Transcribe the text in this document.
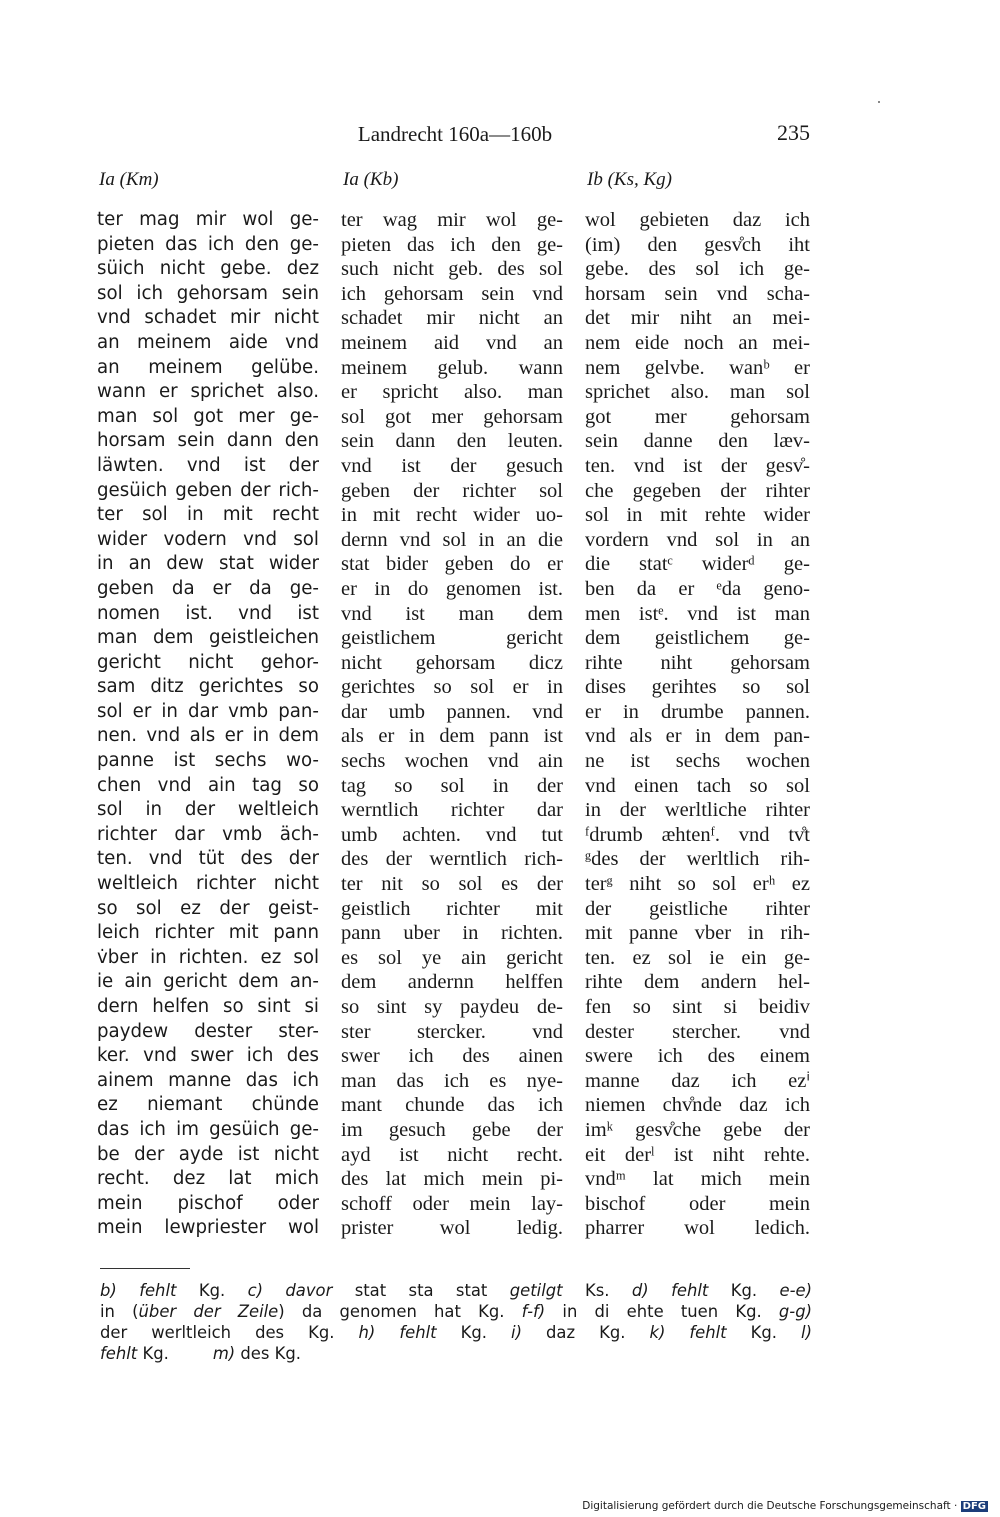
Landrecht 160a—160b	235
Ia (Km)
ter mag mir wol ge-
pieten das ich den ge-
süich nicht gebe. dez
sol ich gehorsam sein
vnd schadet mir nicht
an meinem aide vnd
an meinem gelübe.
wann er sprichet also.
man sol got mer ge-
horsam sein dann den
läwten. vnd ist der
gesüich geben der rich-
ter sol in mit recht
wider vodern vnd sol
in an dew stat wider
geben da er da ge-
nomen ist. vnd ist
man dem geistleichen
gericht nicht gehor-
sam ditz gerichtes so
sol er in dar vmb pan-
nen. vnd als er in dem
panne ist sechs wo-
chen vnd ain tag so
sol in der weltleich
richter dar vmb äch-
ten. vnd tüt des der
weltleich richter nicht
so sol ez der geist-
leich richter mit pann
v̇ber in richten. ez sol
ie ain gericht dem an-
dern helfen so sint si
paydew dester ster-
ker. vnd swer ich des
ainem manne das ich
ez niemant chünde
das ich im gesüich ge-
be der ayde ist nicht
recht. dez lat mich
mein pischof oder
mein lewpriester wol
Ia (Kb)
ter wag mir wol ge-
pieten das ich den ge-
such nicht geb. des sol
ich gehorsam sein vnd
schadet mir nicht an
meinem aid vnd an
meinem gelub. wann
er spricht also. man
sol got mer gehorsam
sein dann den leuten.
vnd ist der gesuch
geben der richter sol
in mit recht wider uo-
dernn vnd sol in an die
stat bider geben do er
er in do genomen ist.
vnd ist man dem
geistlichem gericht
nicht gehorsam dicz
gerichtes so sol er in
dar umb pannen. vnd
als er in dem pann ist
sechs wochen vnd ain
tag so sol in der
werntlich richter dar
umb achten. vnd tut
des der werntlich rich-
ter nit so sol es der
geistlich richter mit
pann uber in richten.
es sol ye ain gericht
dem andernn helffen
so sint sy paydeu de-
ster stercker. vnd
swer ich des ainen
man das ich es nye-
mant chunde das ich
im gesuch gebe der
ayd ist nicht recht.
des lat mich mein pi-
schoff oder mein lay-
prister wol ledig.
Ib (Ks, Kg)
wol gebieten daz ich
(im) den gesv̊ch iht
gebe. des sol ich ge-
horsam sein vnd scha-
det mir niht an mei-
nem eide noch an mei-
nem gelvbe. wanᵇ er
sprichet also. man sol
got mer gehorsam
sein danne den læv-
ten. vnd ist der gesv̊-
che gegeben der rihter
sol in mit rehte wider
vordern vnd sol in an
die statᶜ widerᵈ ge-
ben da er ᵉda geno-
men istᵉ. vnd ist man
dem geistlichem ge-
rihte niht gehorsam
dises gerihtes so sol
er in drumbe pannen.
vnd als er in dem pan-
ne ist sechs wochen
vnd einen tach so sol
in der werltliche rihter
ᶠdrumb æhtenᶠ. vnd tv̊t
ᵍdes der werltlich rih-
terᵍ niht so sol erʰ ez
der geistliche rihter
mit panne vber in rih-
ten. ez sol ie ein ge-
rihte dem andern hel-
fen so sint si beidiv
dester stercher. vnd
swere ich des einem
manne daz ich ezⁱ
niemen chv̊nde daz ich
imᵏ gesv̊che gebe der
eit derˡ ist niht rehte.
vndᵐ lat mich mein
bischof oder mein
pharrer wol ledich.
b) fehlt Kg. c) davor stat sta stat getilgt Ks. d) fehlt Kg. e-e)
in (über der Zeile) da genomen hat Kg. f-f) in di ehte tuen Kg. g-g)
der werltleich des Kg. h) fehlt Kg. i) daz Kg. k) fehlt Kg. l)
fehlt Kg.	m) des Kg.
Digitalisierung gefördert durch die Deutsche Forschungsgemeinschaft · DFG
